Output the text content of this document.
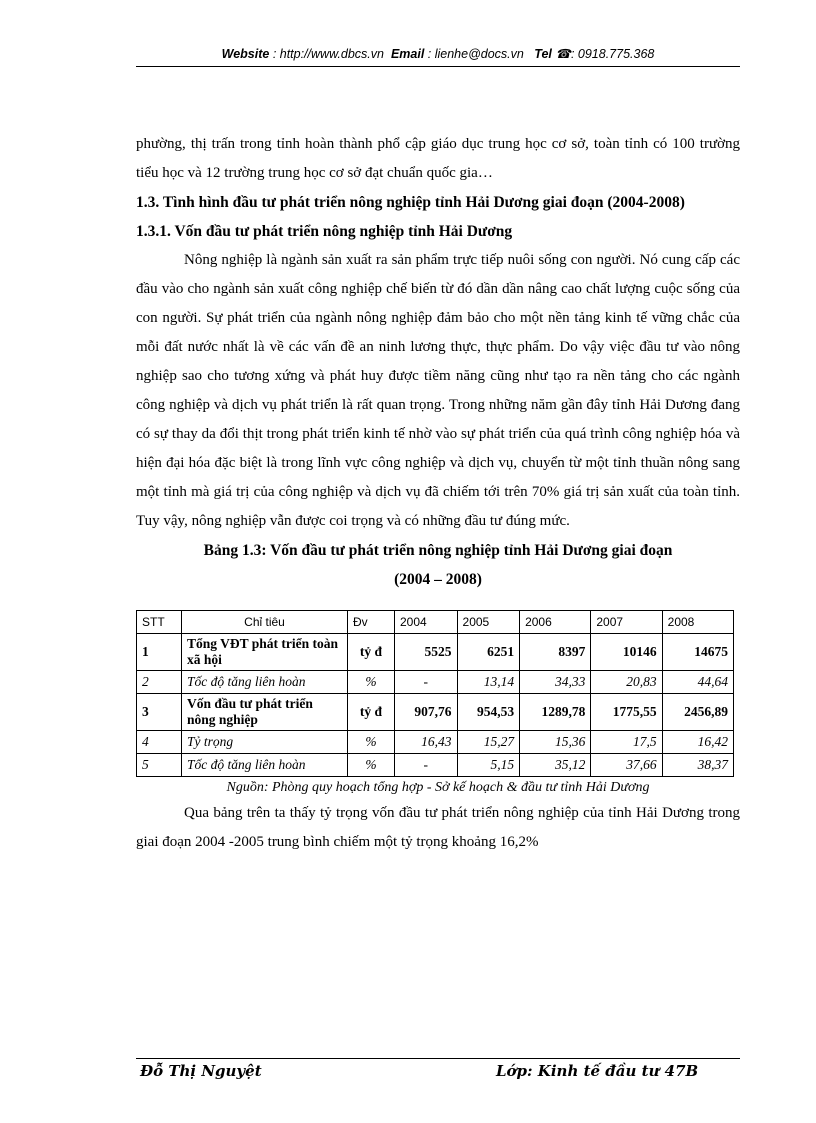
Website : http://www.dbcs.vn Email : lienhe@docs.vn Tel ☎: 0918.775.368

phường, thị trấn trong tỉnh hoàn thành phổ cập giáo dục trung học cơ sở, toàn tỉnh có 100 trường tiểu học và 12 trường trung học cơ sở đạt chuẩn quốc gia…

1.3. Tình hình đầu tư phát triển nông nghiệp tỉnh Hải Dương giai đoạn (2004-2008)

1.3.1. Vốn đầu tư phát triển nông nghiệp tỉnh Hải Dương

Nông nghiệp là ngành sản xuất ra sản phẩm trực tiếp nuôi sống con người. Nó cung cấp các đầu vào cho ngành sản xuất công nghiệp chế biến từ đó dần dần nâng cao chất lượng cuộc sống của con người. Sự phát triển của ngành nông nghiệp đảm bảo cho một nền tảng kinh tế vững chắc của mỗi đất nước nhất là về các vấn đề an ninh lương thực, thực phẩm. Do vậy việc đầu tư vào nông nghiệp sao cho tương xứng và phát huy được tiềm năng cũng như tạo ra nền tảng cho các ngành công nghiệp và dịch vụ phát triển là rất quan trọng. Trong những năm gần đây tỉnh Hải Dương đang có sự thay da đổi thịt trong phát triển kinh tế nhờ vào sự phát triển của quá trình công nghiệp hóa và hiện đại hóa đặc biệt là trong lĩnh vực công nghiệp và dịch vụ, chuyển từ một tỉnh thuần nông sang một tỉnh mà giá trị của công nghiệp và dịch vụ đã chiếm tới trên 70% giá trị sản xuất của toàn tỉnh. Tuy vậy, nông nghiệp vẫn được coi trọng và có những đầu tư đúng mức.

Bảng 1.3: Vốn đầu tư phát triển nông nghiệp tỉnh Hải Dương giai đoạn

(2004 – 2008)

STT	Chỉ tiêu	Đv	2004	2005	2006	2007	2008
1	Tổng VĐT phát triển toàn xã hội	tỷ đ	5525	6251	8397	10146	14675
2	Tốc độ tăng liên hoàn	%	-	13,14	34,33	20,83	44,64
3	Vốn đầu tư phát triển nông nghiệp	tỷ đ	907,76	954,53	1289,78	1775,55	2456,89
4	Tỷ trọng	%	16,43	15,27	15,36	17,5	16,42
5	Tốc độ tăng liên hoàn	%	-	5,15	35,12	37,66	38,37

Nguồn: Phòng quy hoạch tổng hợp - Sở kế hoạch & đầu tư tỉnh Hải Dương

Qua bảng trên ta thấy tỷ trọng vốn đầu tư phát triển nông nghiệp của tỉnh Hải Dương trong giai đoạn 2004 -2005 trung bình chiếm một tỷ trọng khoảng 16,2%

Đỗ Thị Nguyệt	Lớp: Kinh tế đầu tư 47B
